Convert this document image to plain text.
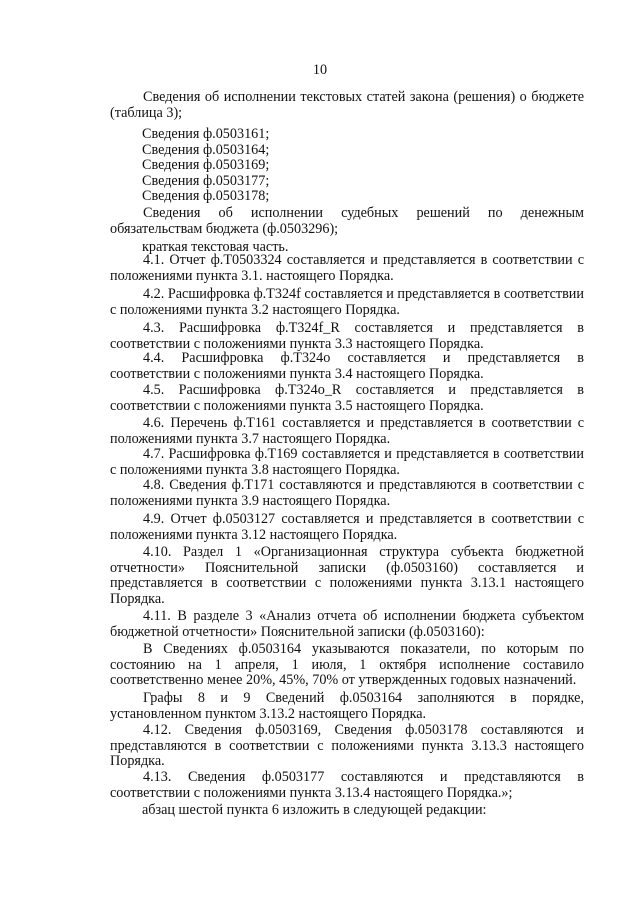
10

Сведения об исполнении текстовых статей закона (решения) о бюджете (таблица 3);

Сведения ф.0503161;

Сведения ф.0503164;

Сведения ф.0503169;

Сведения ф.0503177;

Сведения ф.0503178;

Сведения об исполнении судебных решений по денежным обязательствам бюджета (ф.0503296);

краткая текстовая часть.

4.1. Отчет ф.Т0503324 составляется и представляется в соответствии с положениями пункта 3.1. настоящего Порядка.

4.2. Расшифровка ф.Т324f составляется и представляется в соответствии с положениями пункта 3.2 настоящего Порядка.

4.3. Расшифровка ф.Т324f_R составляется и представляется в соответствии с положениями пункта 3.3 настоящего Порядка.

4.4. Расшифровка ф.Т324о составляется и представляется в соответствии с положениями пункта 3.4 настоящего Порядка.

4.5. Расшифровка ф.Т324о_R составляется и представляется в соответствии с положениями пункта 3.5 настоящего Порядка.

4.6. Перечень ф.Т161 составляется и представляется в соответствии с положениями пункта 3.7 настоящего Порядка.

4.7. Расшифровка ф.Т169 составляется и представляется в соответствии с положениями пункта 3.8 настоящего Порядка.

4.8. Сведения ф.Т171 составляются и представляются в соответствии с положениями пункта 3.9 настоящего Порядка.

4.9. Отчет ф.0503127 составляется и представляется в соответствии с положениями пункта 3.12 настоящего Порядка.

4.10. Раздел 1 «Организационная структура субъекта бюджетной отчетности» Пояснительной записки (ф.0503160) составляется и представляется в соответствии с положениями пункта 3.13.1 настоящего Порядка.

4.11. В разделе 3 «Анализ отчета об исполнении бюджета субъектом бюджетной отчетности» Пояснительной записки (ф.0503160):

В Сведениях ф.0503164 указываются показатели, по которым по состоянию на 1 апреля, 1 июля, 1 октября исполнение составило соответственно менее 20%, 45%, 70% от утвержденных годовых назначений.

Графы 8 и 9 Сведений ф.0503164 заполняются в порядке, установленном пунктом 3.13.2 настоящего Порядка.

4.12. Сведения ф.0503169, Сведения ф.0503178 составляются и представляются в соответствии с положениями пункта 3.13.3 настоящего Порядка.

4.13. Сведения ф.0503177 составляются и представляются в соответствии с положениями пункта 3.13.4 настоящего Порядка.»;

абзац шестой пункта 6 изложить в следующей редакции:
